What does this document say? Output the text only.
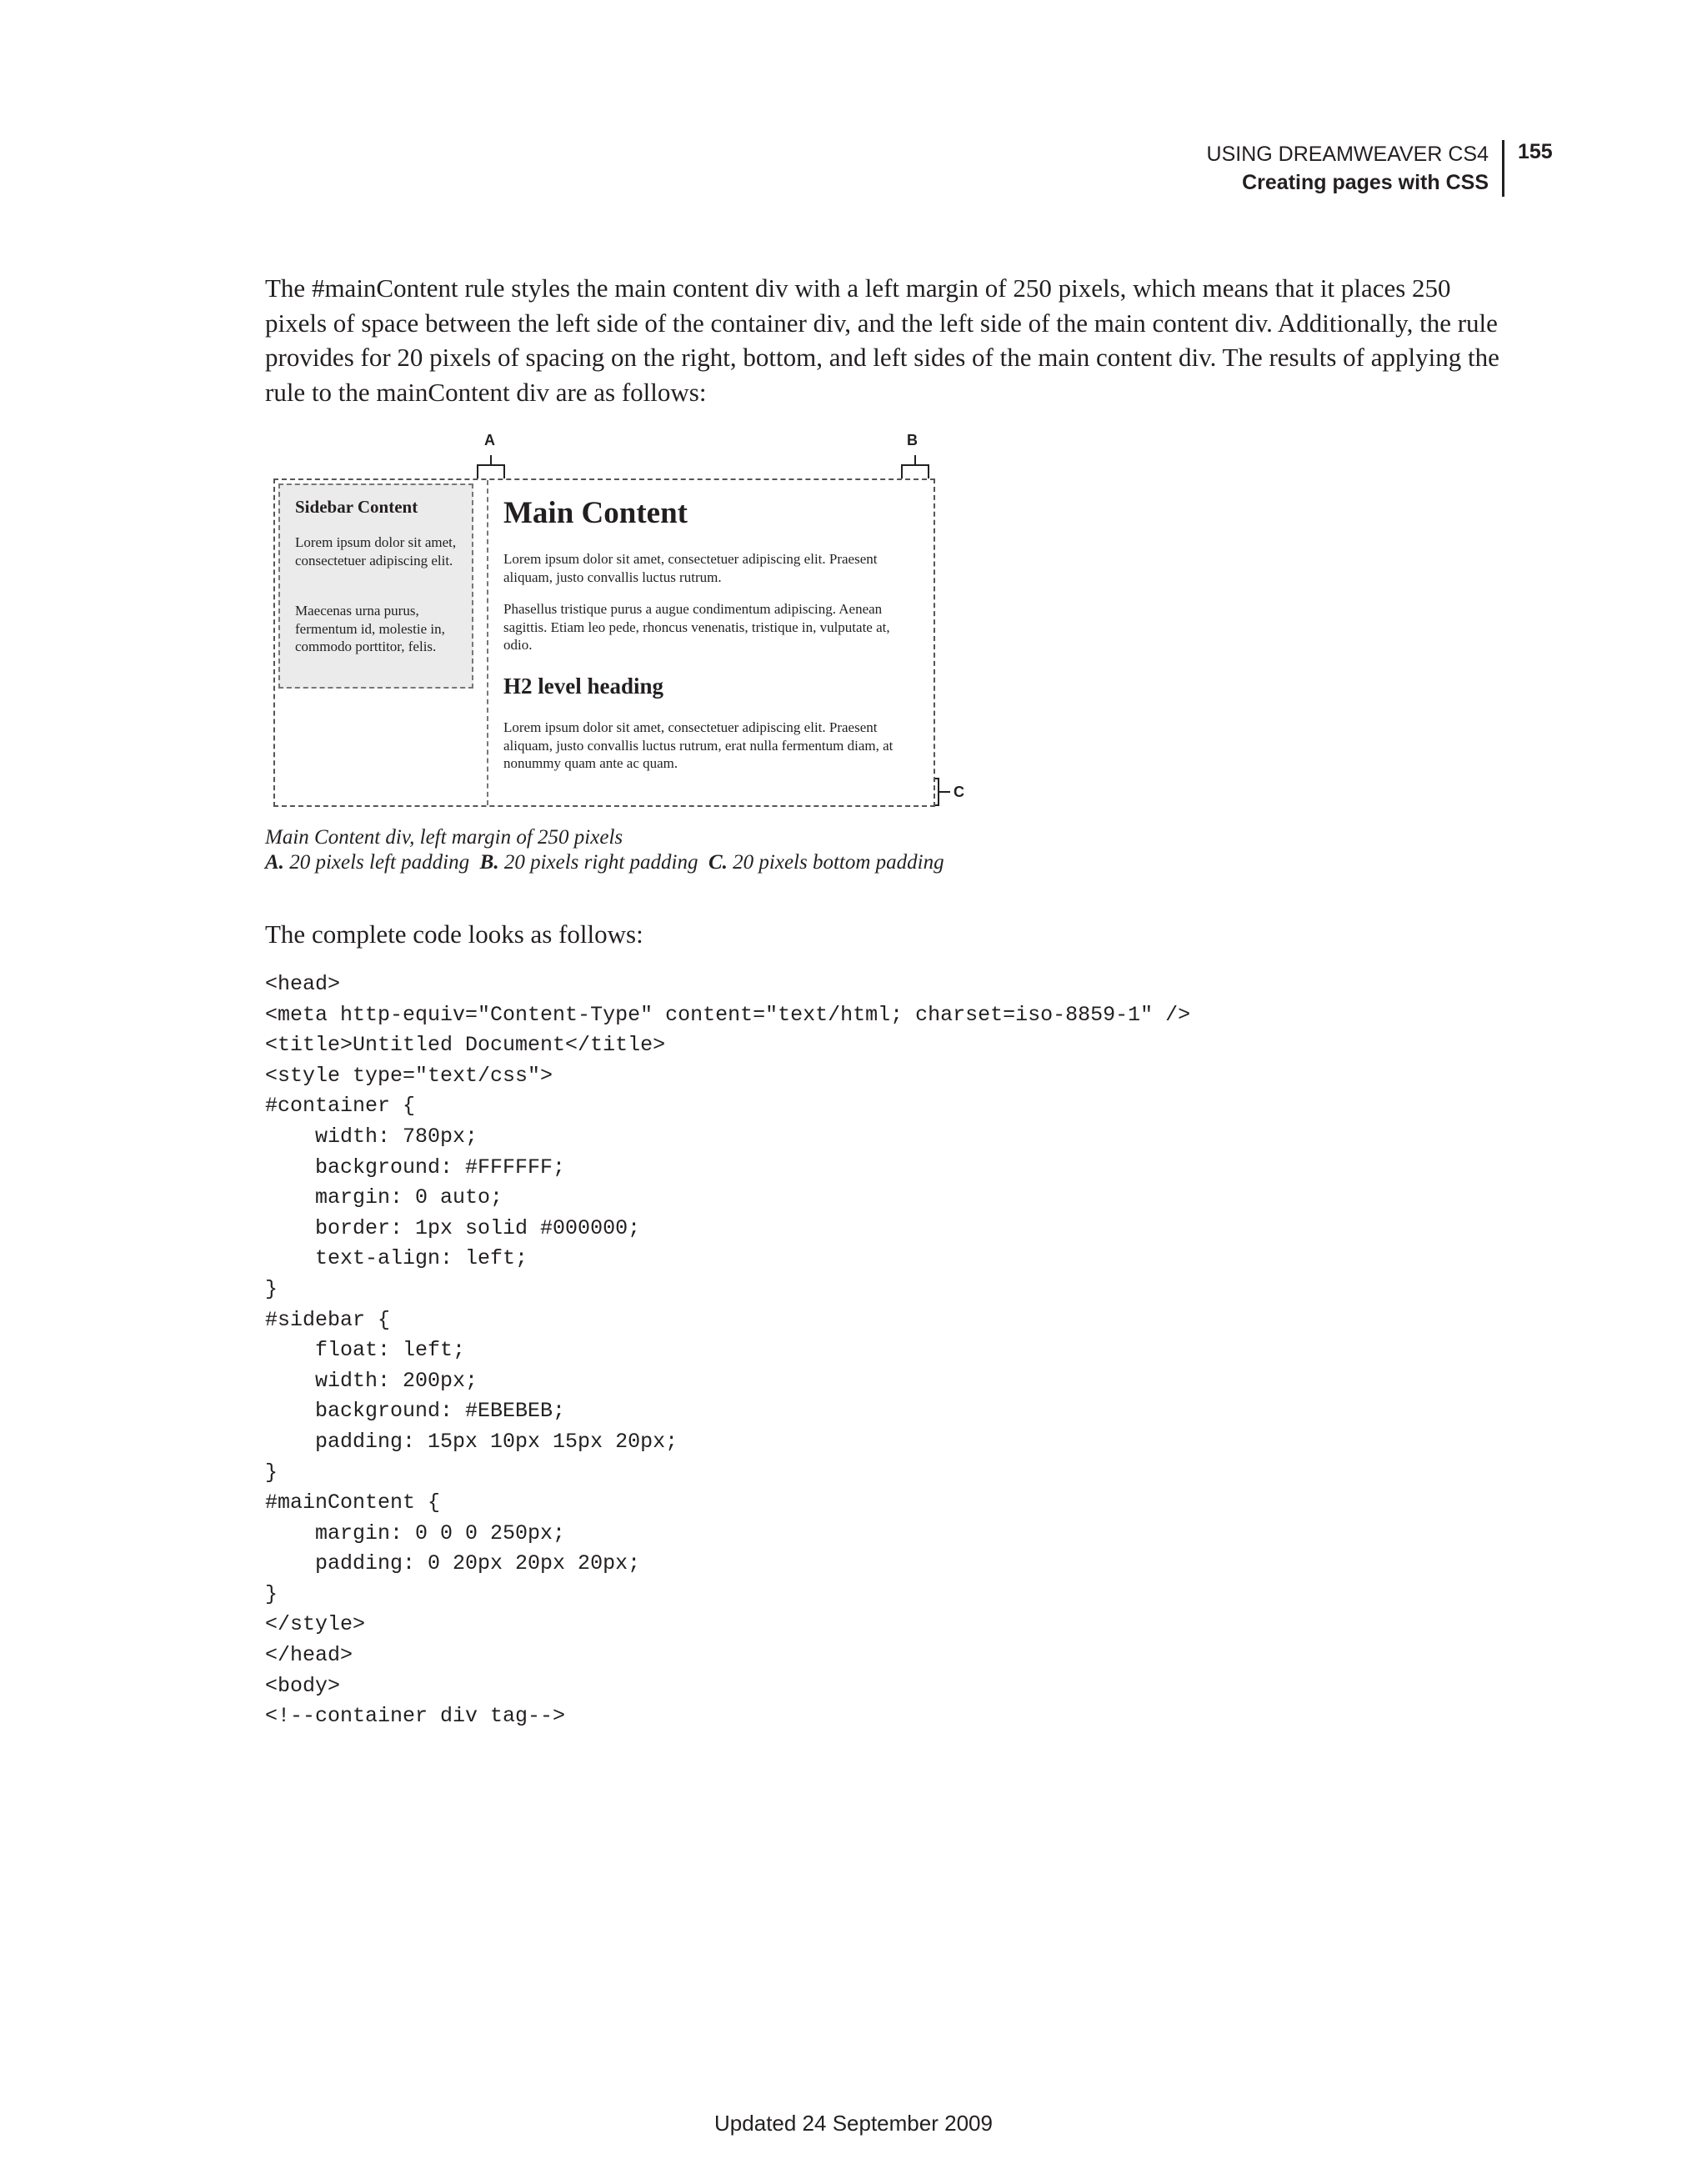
USING DREAMWEAVER CS4
Creating pages with CSS
155

The #mainContent rule styles the main content div with a left margin of 250 pixels, which means that it places 250 pixels of space between the left side of the container div, and the left side of the main content div. Additionally, the rule provides for 20 pixels of spacing on the right, bottom, and left sides of the main content div. The results of applying the rule to the mainContent div are as follows:

A	B
C
Sidebar Content

Lorem ipsum dolor sit amet, consectetuer adipiscing elit.

Maecenas urna purus, fermentum id, molestie in, commodo porttitor, felis.

Main Content

Lorem ipsum dolor sit amet, consectetuer adipiscing elit. Praesent aliquam, justo convallis luctus rutrum.

Phasellus tristique purus a augue condimentum adipiscing. Aenean sagittis. Etiam leo pede, rhoncus venenatis, tristique in, vulputate at, odio.

H2 level heading

Lorem ipsum dolor sit amet, consectetuer adipiscing elit. Praesent aliquam, justo convallis luctus rutrum, erat nulla fermentum diam, at nonummy quam ante ac quam.

Main Content div, left margin of 250 pixels
A. 20 pixels left padding B. 20 pixels right padding C. 20 pixels bottom padding

The complete code looks as follows:

<head>
<meta http-equiv="Content-Type" content="text/html; charset=iso-8859-1" />
<title>Untitled Document</title>
<style type="text/css">
#container {
width: 780px;
background: #FFFFFF;
margin: 0 auto;
border: 1px solid #000000;
text-align: left;
}
#sidebar {
float: left;
width: 200px;
background: #EBEBEB;
padding: 15px 10px 15px 20px;
}
#mainContent {
margin: 0 0 0 250px;
padding: 0 20px 20px 20px;
}
</style>
</head>
<body>
<!--container div tag-->
Updated 24 September 2009
